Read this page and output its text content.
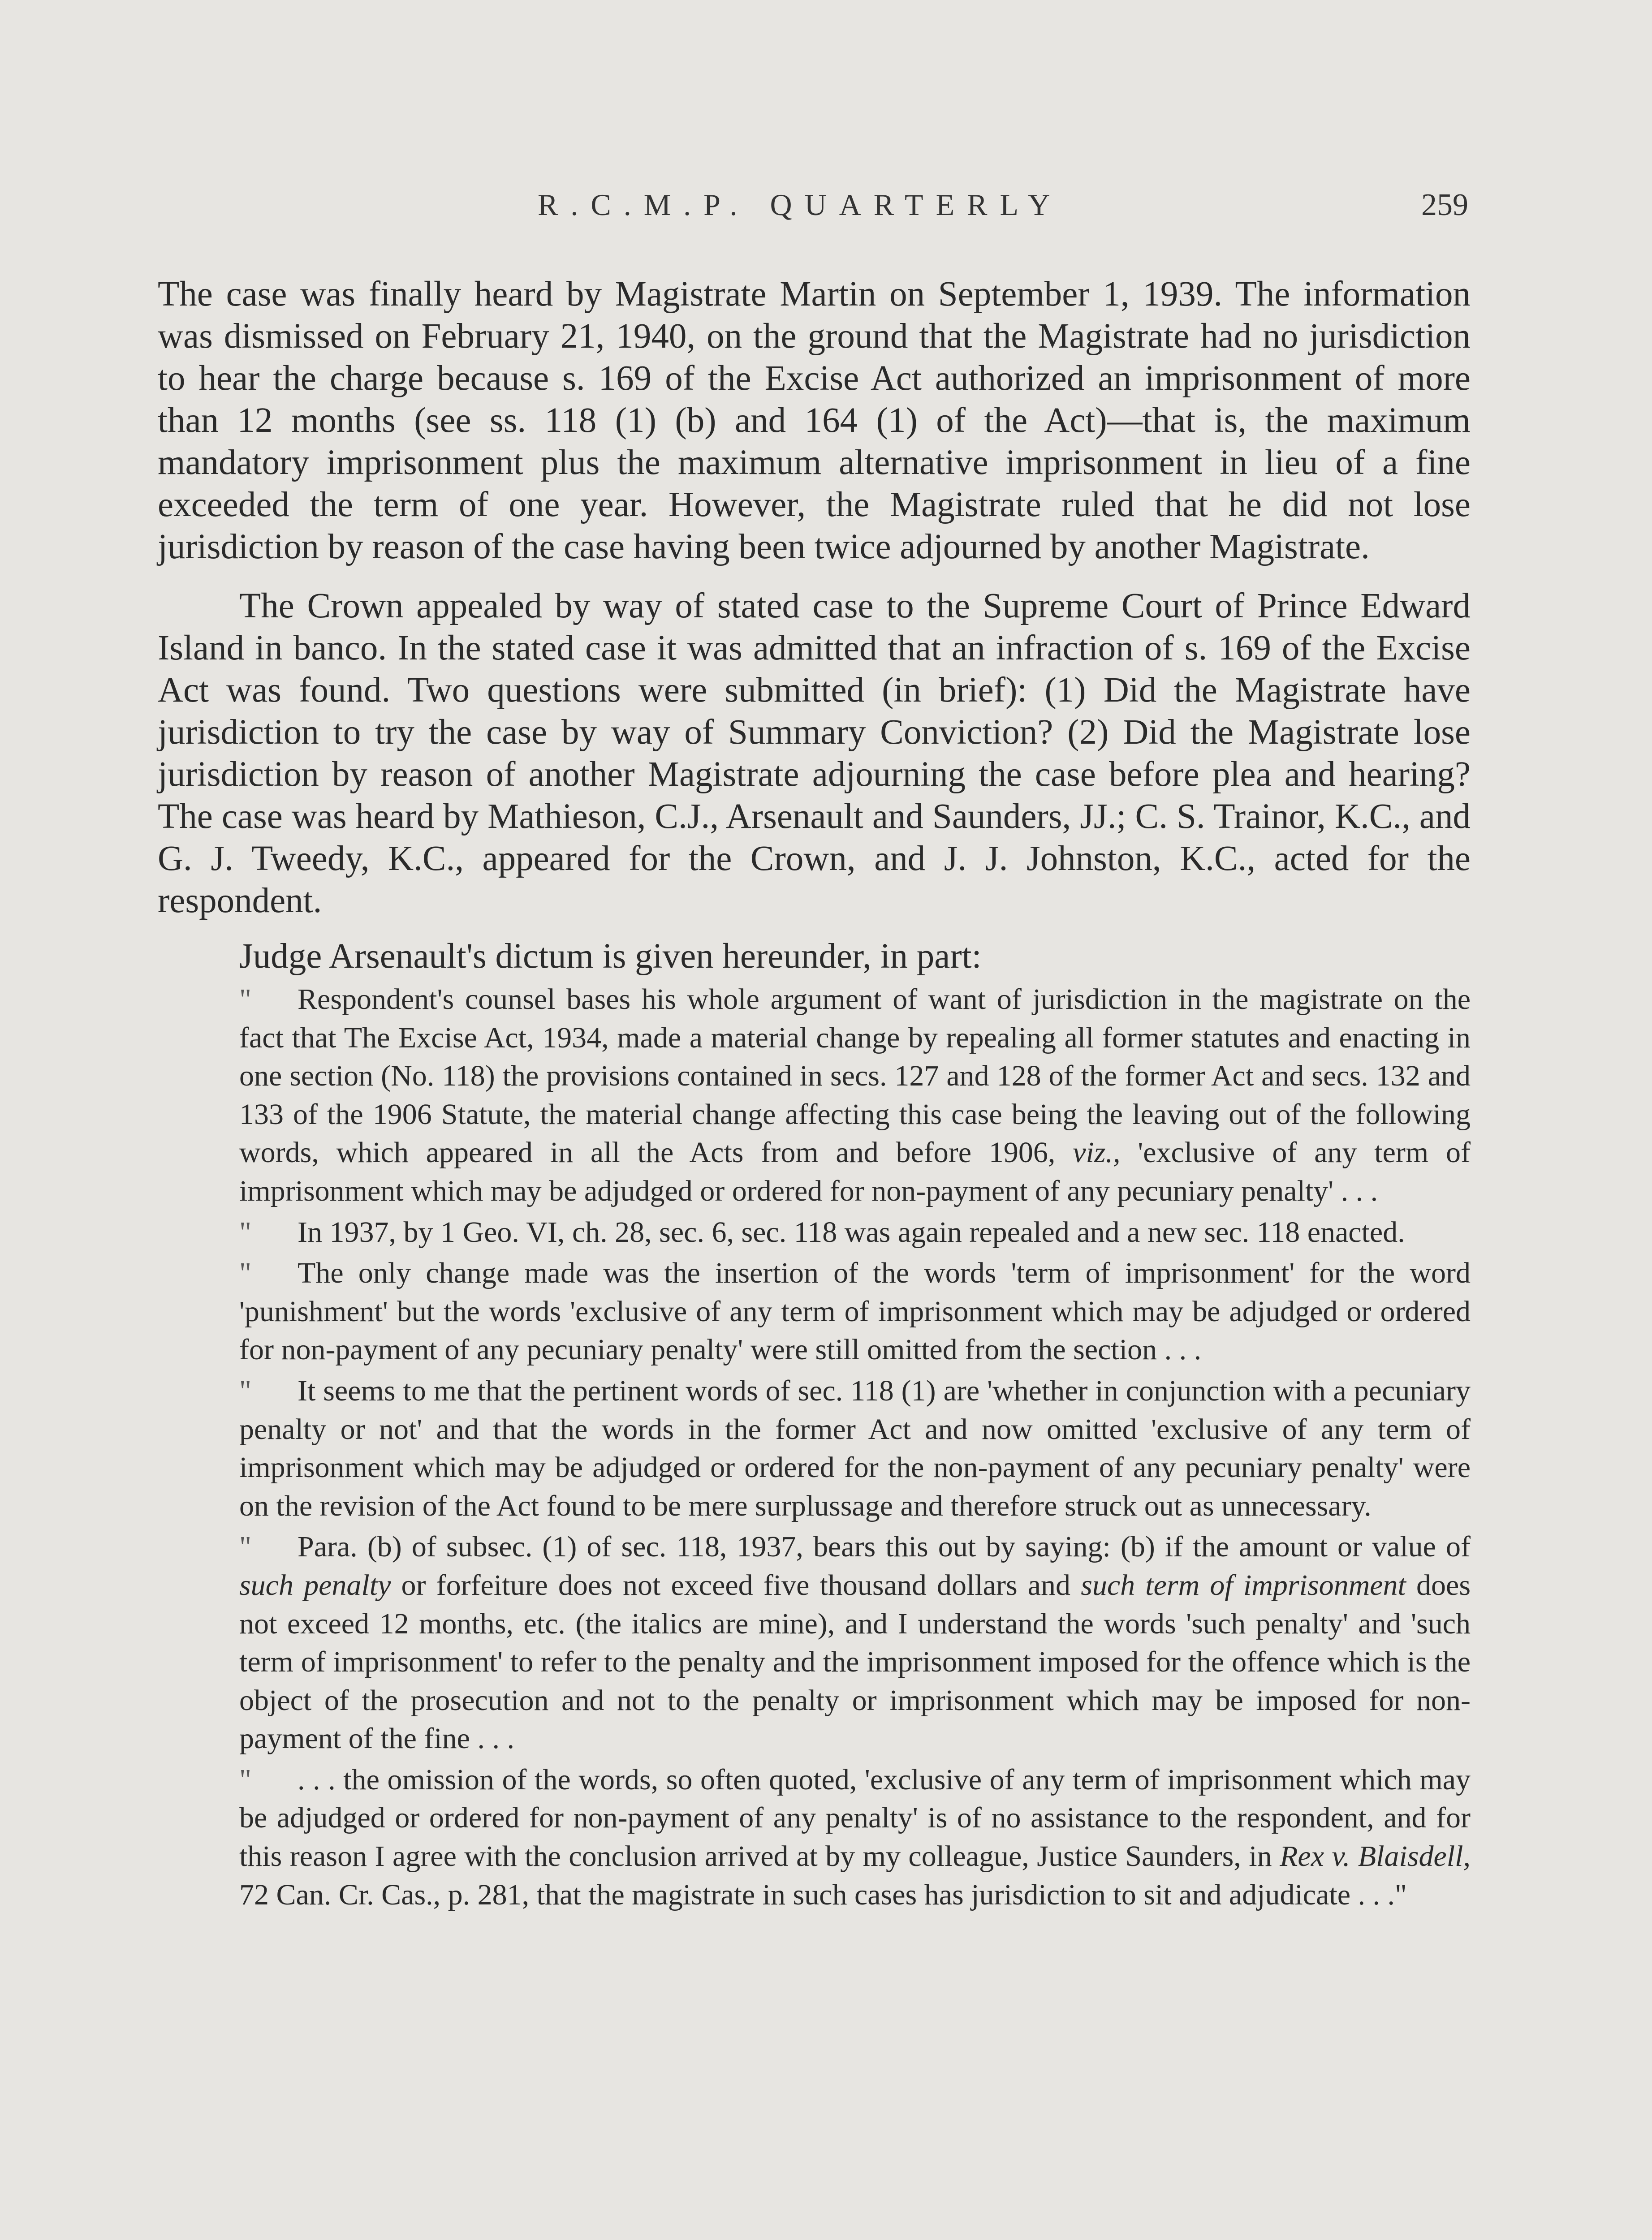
R.C.M.P. QUARTERLY	259

The case was finally heard by Magistrate Martin on September 1, 1939. The information was dismissed on February 21, 1940, on the ground that the Magistrate had no jurisdiction to hear the charge because s. 169 of the Excise Act authorized an imprisonment of more than 12 months (see ss. 118 (1) (b) and 164 (1) of the Act)—that is, the maximum mandatory imprisonment plus the maximum alternative imprisonment in lieu of a fine exceeded the term of one year. However, the Magistrate ruled that he did not lose jurisdiction by reason of the case having been twice adjourned by another Magistrate.

The Crown appealed by way of stated case to the Supreme Court of Prince Edward Island in banco. In the stated case it was admitted that an infraction of s. 169 of the Excise Act was found. Two questions were submitted (in brief): (1) Did the Magistrate have jurisdiction to try the case by way of Summary Conviction? (2) Did the Magistrate lose jurisdiction by reason of another Magistrate adjourning the case before plea and hearing? The case was heard by Mathieson, C.J., Arsenault and Saunders, JJ.; C. S. Trainor, K.C., and G. J. Tweedy, K.C., appeared for the Crown, and J. J. Johnston, K.C., acted for the respondent.

Judge Arsenault's dictum is given hereunder, in part:

" Respondent's counsel bases his whole argument of want of jurisdiction in the magistrate on the fact that The Excise Act, 1934, made a material change by repealing all former statutes and enacting in one section (No. 118) the provisions contained in secs. 127 and 128 of the former Act and secs. 132 and 133 of the 1906 Statute, the material change affecting this case being the leaving out of the following words, which appeared in all the Acts from and before 1906, viz., 'exclusive of any term of imprisonment which may be adjudged or ordered for non-payment of any pecuniary penalty' . . .

" In 1937, by 1 Geo. VI, ch. 28, sec. 6, sec. 118 was again repealed and a new sec. 118 enacted.

" The only change made was the insertion of the words 'term of imprisonment' for the word 'punishment' but the words 'exclusive of any term of imprisonment which may be adjudged or ordered for non-payment of any pecuniary penalty' were still omitted from the section . . .

" It seems to me that the pertinent words of sec. 118 (1) are 'whether in conjunction with a pecuniary penalty or not' and that the words in the former Act and now omitted 'exclusive of any term of imprisonment which may be adjudged or ordered for the non-payment of any pecuniary penalty' were on the revision of the Act found to be mere surplussage and therefore struck out as unnecessary.

" Para. (b) of subsec. (1) of sec. 118, 1937, bears this out by saying: (b) if the amount or value of such penalty or forfeiture does not exceed five thousand dollars and such term of imprisonment does not exceed 12 months, etc. (the italics are mine), and I understand the words 'such penalty' and 'such term of imprisonment' to refer to the penalty and the imprisonment imposed for the offence which is the object of the prosecution and not to the penalty or imprisonment which may be imposed for non-payment of the fine . . .

" . . . the omission of the words, so often quoted, 'exclusive of any term of imprisonment which may be adjudged or ordered for non-payment of any penalty' is of no assistance to the respondent, and for this reason I agree with the conclusion arrived at by my colleague, Justice Saunders, in Rex v. Blaisdell, 72 Can. Cr. Cas., p. 281, that the magistrate in such cases has jurisdiction to sit and adjudicate . . ."
